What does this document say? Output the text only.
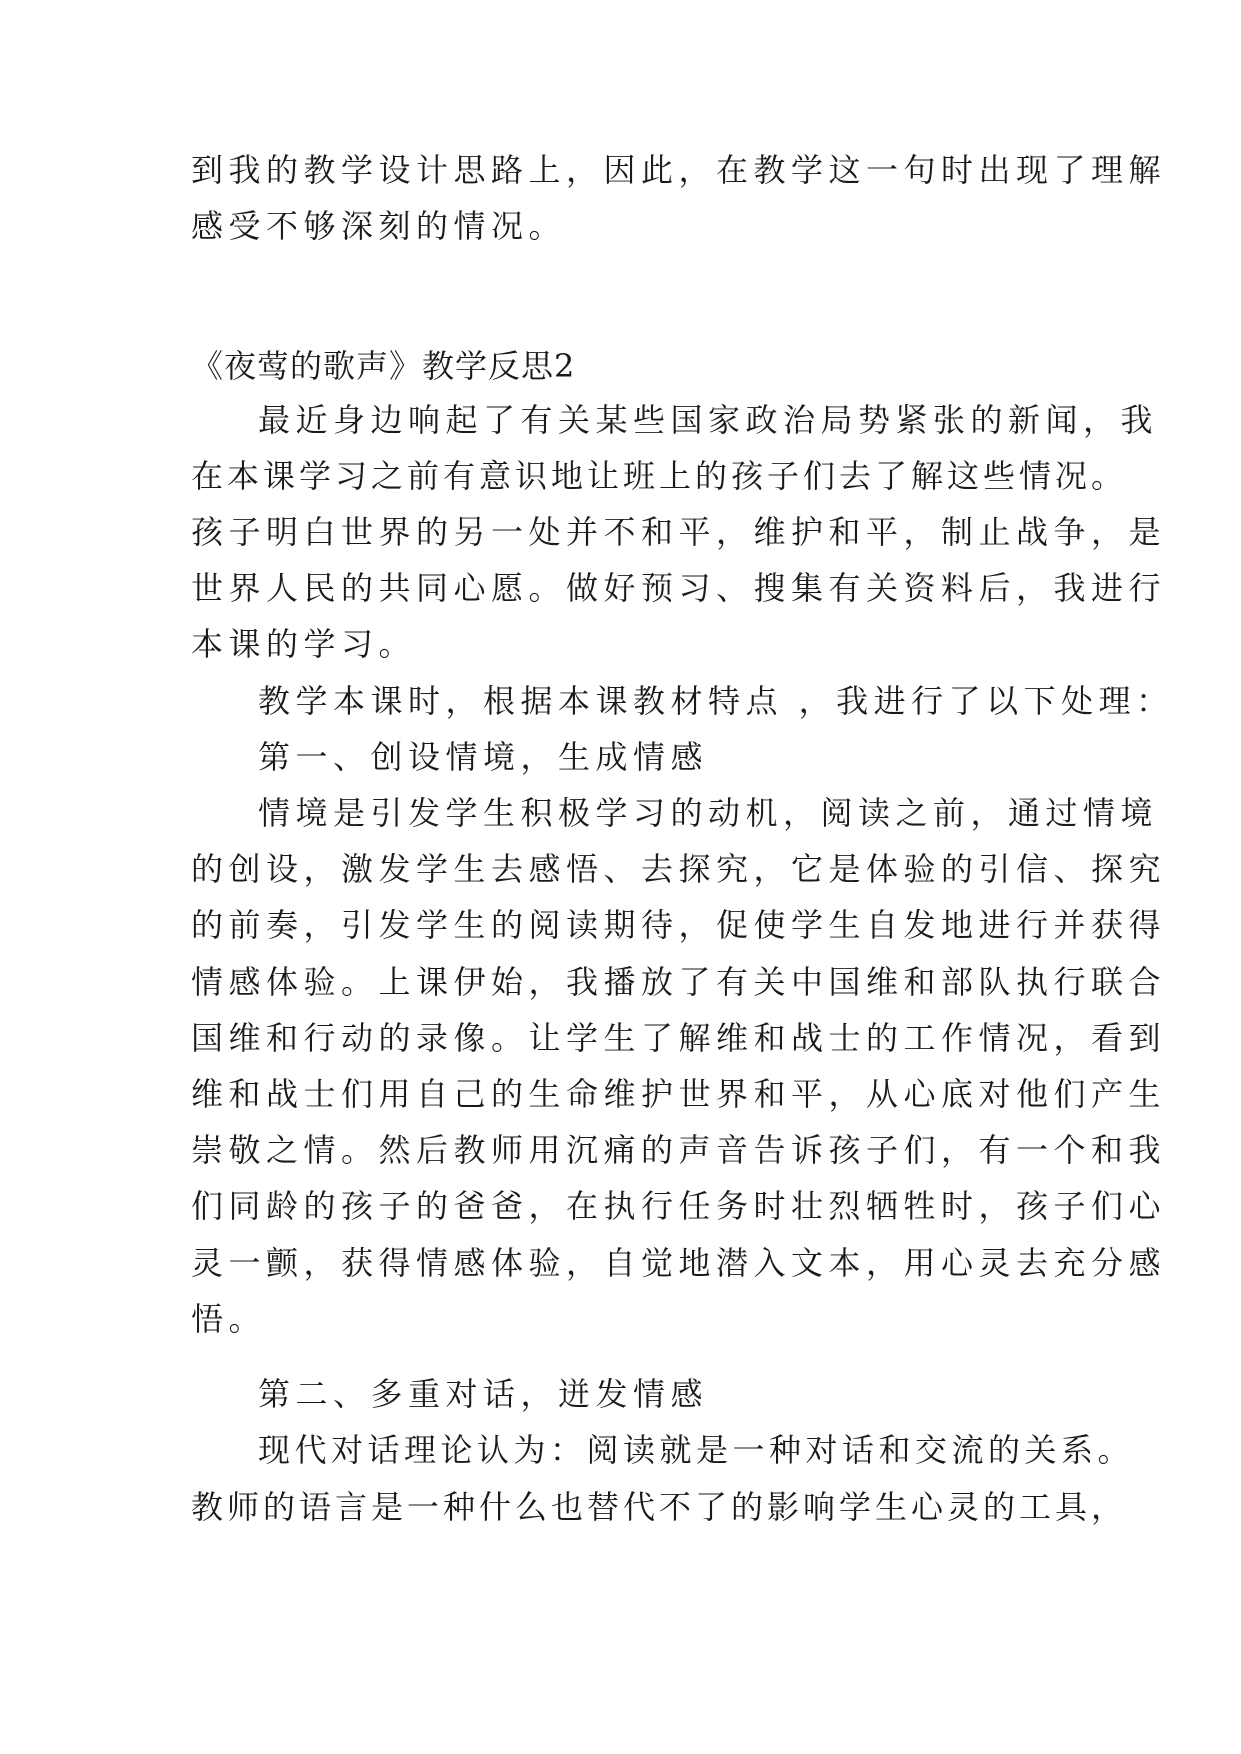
到我的教学设计思路上，因此，在教学这一句时出现了理解
感受不够深刻的情况。
《夜莺的歌声》教学反思2
最近身边响起了有关某些国家政治局势紧张的新闻，我
在本课学习之前有意识地让班上的孩子们去了解这些情况。
孩子明白世界的另一处并不和平，维护和平，制止战争，是
世界人民的共同心愿。做好预习、搜集有关资料后，我进行
本课的学习。
教学本课时，根据本课教材特点 ，我进行了以下处理：
第一、创设情境，生成情感
情境是引发学生积极学习的动机，阅读之前，通过情境
的创设，激发学生去感悟、去探究，它是体验的引信、探究
的前奏，引发学生的阅读期待，促使学生自发地进行并获得
情感体验。上课伊始，我播放了有关中国维和部队执行联合
国维和行动的录像。让学生了解维和战士的工作情况，看到
维和战士们用自己的生命维护世界和平，从心底对他们产生
崇敬之情。然后教师用沉痛的声音告诉孩子们，有一个和我
们同龄的孩子的爸爸，在执行任务时壮烈牺牲时，孩子们心
灵一颤，获得情感体验，自觉地潜入文本，用心灵去充分感
悟。
第二、多重对话，迸发情感
现代对话理论认为：阅读就是一种对话和交流的关系。
教师的语言是一种什么也替代不了的影响学生心灵的工具，
